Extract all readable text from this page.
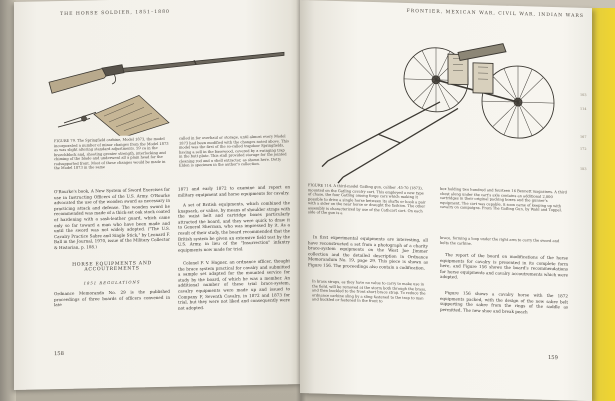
THE HORSE SOLDIER, 1851–1880
FIGURE 79. The Springfield carbine, Model 1873, the model incorporated a number of minor changes from the Model 1873 as was slight altering standard adjustments. 59 ca in the breechblock and, shooting greater strength, interlocking and chiming of the blade and underwent all a plain head for the rodsupported front. Most of these changes would be made in the Model 1873 in the same
called in for overhaul or storage, until almost every Model 1873 had been modified with the changes noted above. This model was the first of the so-called trapdoor Springfields, having a sell in the basewood, covered by a swinging trap in the butt plate. This stall provided storage for the jointed cleaning rod and a shell extractor, as shown here. Dotty Eldon is specimen in the author's collection.
O'Rourke's book, A New System of Sword Exercises for use in Instructing Officers of the U.S. Army. O'Rourke advocated the use of the wooden sword as necessary in practicing attack and defense. The wooden sword he recommended was made of a thick-set oak stock coated of hardening with a sash-leather guard, which came only so far toward a man who have been made and until the sword was not widely adopted. ("The U.S. Cavalry Practice Sabre and Single Stick," by Leonard F. Ball in the Journal, 1970, issue of the Military Collector & Historian, p. 108.)
HORSE EQUIPMENTS AND ACCOUTREMENTS
1851 REGULATIONS
Ordnance Memoranda No. 29 is the published proceedings of three boards of officers convened in late
1871 and early 1872 to examine and report on military equipment and horse equipments for cavalry.
A set of British equipments, which combined the knapsack, or valise, by means of shoulder straps with the waist belt and cartridge boxes particularly attracted the board, and they were quick to draw it to General Sherman, who was impressed by it. As a result of their study, the board recommended that the British system be given an extensive field test by the U.S. Army, in lieu of the "Insurrection" infantry equipments now made for trial.
Colonel F. V. Hagner, an ordnance officer, thought the brace system practical for cavalry and submitted a sample set adapted for the mounted service for study by the board, of which he was a member. An additional number of these trial brace-system, cavalry equipments were made up and issued to Company F, Seventh Cavalry, in 1872 and 1873 for trial, but they were not liked and consequently were not adopted.
158
FRONTIER, MEXICAN WAR, CIVIL WAR, INDIAN WARS
FIGURE 114. A third-model Gatling gun, caliber .45-70 (1873), mounted on the Gatling cavalry cart. This employed a new type of chase, the four Gatling among forge cars which making it possible to drive a single horse between its shafts or hook a pair with a sider on the near horse or draught the fashion. The other assembly is characterized by use of the Cathcart cart. On each side of the gun is a
box holding two hundred and fourteen 16 Bennett magazines. A third chest along under the cart's axle contains an additional 2,000 cartridges in their original packing boxes and the gunner's equipment. The cart was capable, it soon came of keeping up with cavalry on campaigns. From The Gatling Gun, by Wahl and Toppel.
In first experimental equipments are interesting, all have reconstructed a set from a photograph of a charity brace-system equipments on the West Joe Jimmer collection and the detailed description in Ordnance Memorandum No. 19, page 29. This piece is shown as Figure 156. The proceedings also contain a codification.
In brass straps, as they have no value to carry to make use in the field, will be removed at the storm both through the brass, and then buckled to the front short brace strap. To reduce the ordnance carbine sling by a sling fastened to the trap to man and buckled or fastened in the front to
brace, forming a loop under the right arm to carry the sword and belts the carbine.
The report of the board on modifications of the horse equipments for cavalry is presented in its complete form here, and Figure 156 shows the board's recommendations for horse equipments and cavalry accoutrements which were adopted.
Figure 156 shows a cavalry horse with the 1872 equipments packed, with the design of the new sabre belt supporting the sabre from the rings of the saddle as permitted. The new shoe and break peach
159
103
114
167
172
183
